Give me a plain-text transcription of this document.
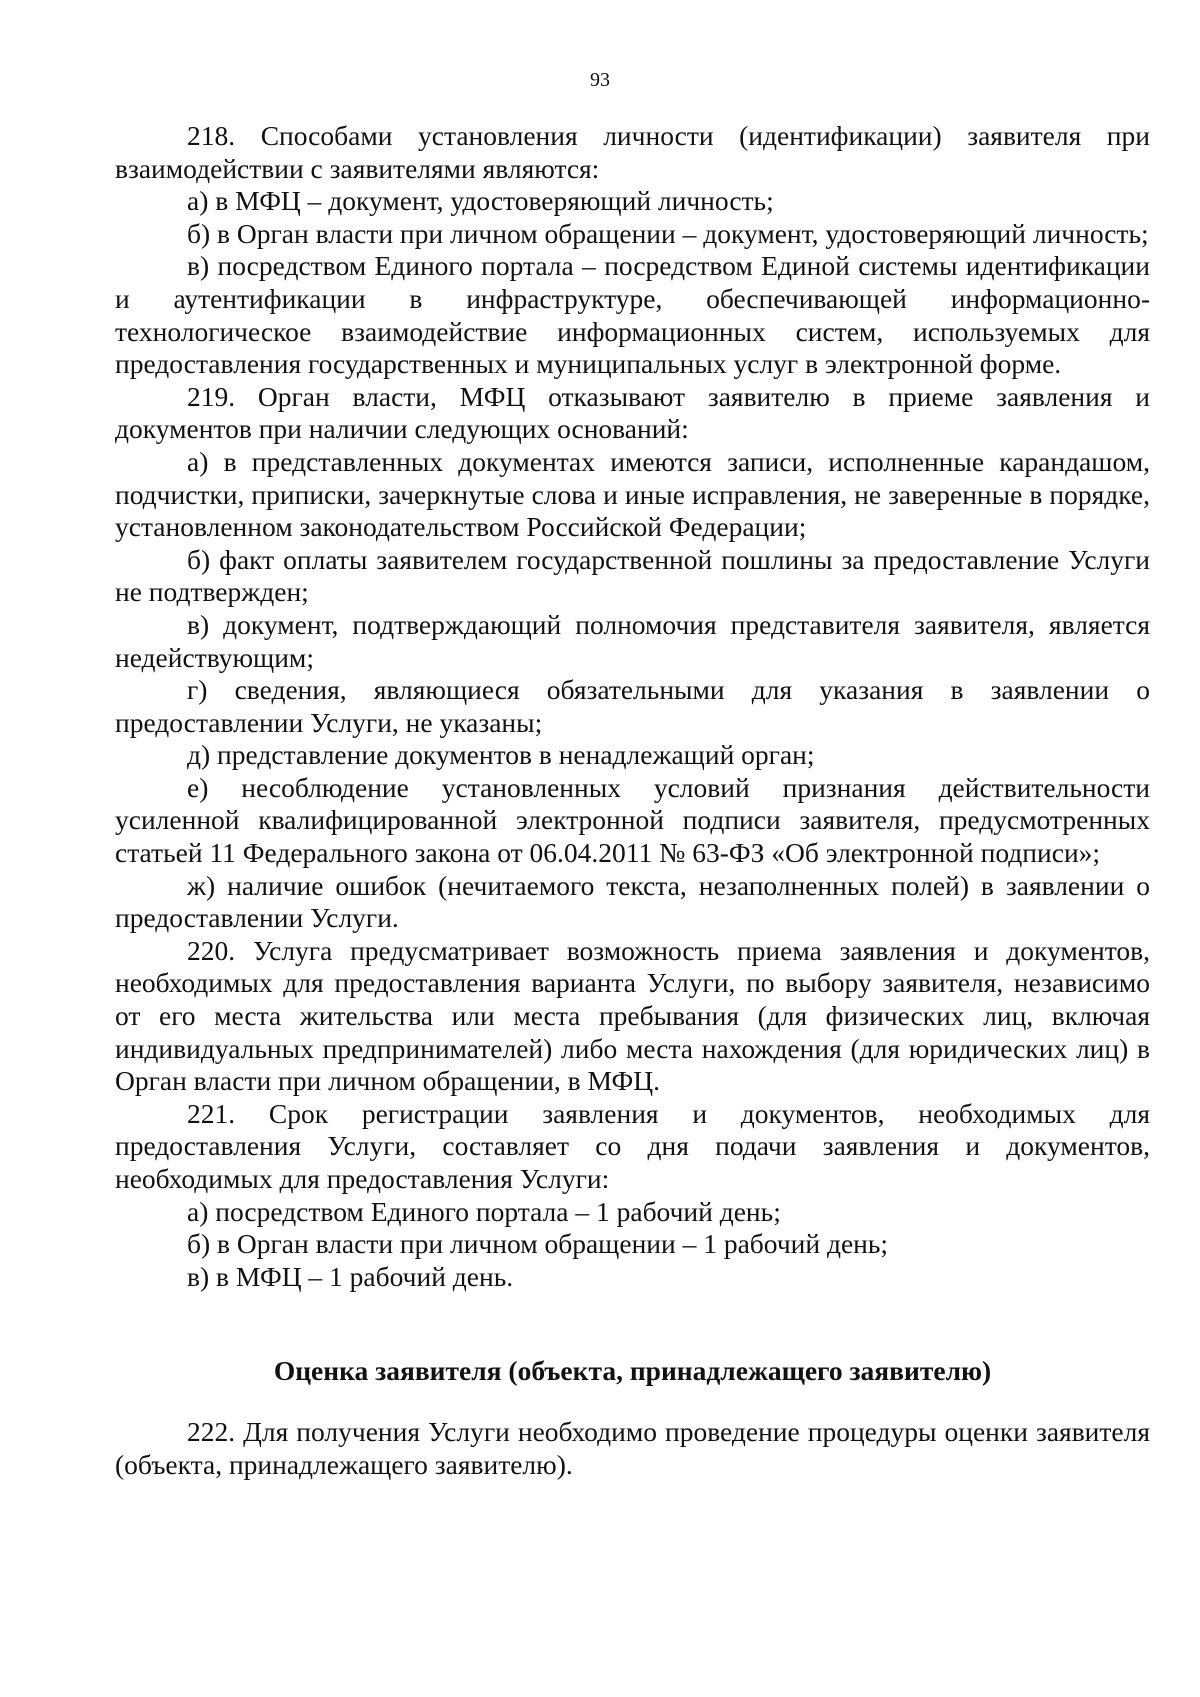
93

218. Способами установления личности (идентификации) заявителя при взаимодействии с заявителями являются:

а) в МФЦ – документ, удостоверяющий личность;

б) в Орган власти при личном обращении – документ, удостоверяющий личность;

в) посредством Единого портала – посредством Единой системы идентификации и аутентификации в инфраструктуре, обеспечивающей информационно-технологическое взаимодействие информационных систем, используемых для предоставления государственных и муниципальных услуг в электронной форме.

219. Орган власти, МФЦ отказывают заявителю в приеме заявления и документов при наличии следующих оснований:

а) в представленных документах имеются записи, исполненные карандашом, подчистки, приписки, зачеркнутые слова и иные исправления, не заверенные в порядке, установленном законодательством Российской Федерации;

б) факт оплаты заявителем государственной пошлины за предоставление Услуги не подтвержден;

в) документ, подтверждающий полномочия представителя заявителя, является недействующим;

г) сведения, являющиеся обязательными для указания в заявлении о предоставлении Услуги, не указаны;

д) представление документов в ненадлежащий орган;

е) несоблюдение установленных условий признания действительности усиленной квалифицированной электронной подписи заявителя, предусмотренных статьей 11 Федерального закона от 06.04.2011 № 63-ФЗ «Об электронной подписи»;

ж) наличие ошибок (нечитаемого текста, незаполненных полей) в заявлении о предоставлении Услуги.

220. Услуга предусматривает возможность приема заявления и документов, необходимых для предоставления варианта Услуги, по выбору заявителя, независимо от его места жительства или места пребывания (для физических лиц, включая индивидуальных предпринимателей) либо места нахождения (для юридических лиц) в Орган власти при личном обращении, в МФЦ.

221. Срок регистрации заявления и документов, необходимых для предоставления Услуги, составляет со дня подачи заявления и документов, необходимых для предоставления Услуги:

а) посредством Единого портала – 1 рабочий день;

б) в Орган власти при личном обращении – 1 рабочий день;

в) в МФЦ – 1 рабочий день.

Оценка заявителя (объекта, принадлежащего заявителю)

222. Для получения Услуги необходимо проведение процедуры оценки заявителя (объекта, принадлежащего заявителю).
